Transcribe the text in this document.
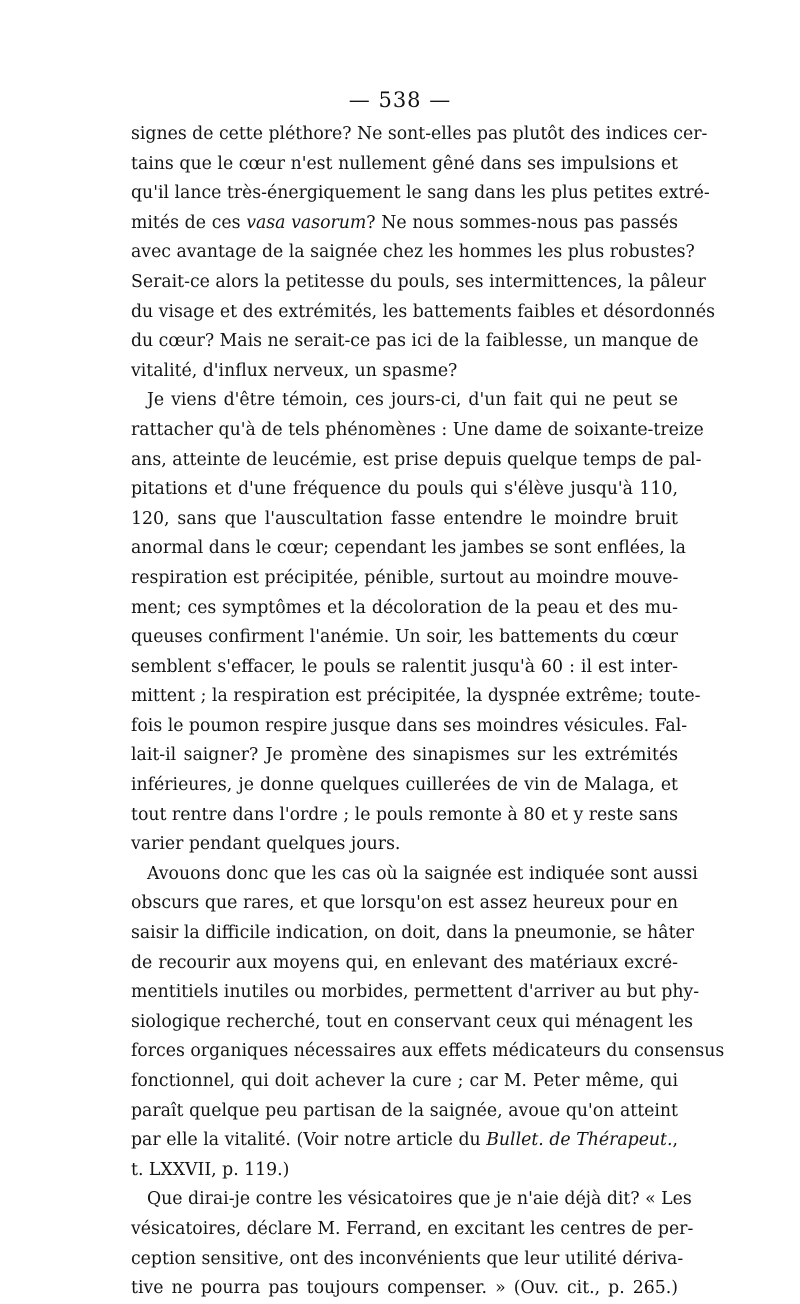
— 538 —
signes de cette pléthore? Ne sont-elles pas plutôt des indices cer-
tains que le cœur n'est nullement gêné dans ses impulsions et
qu'il lance très-énergiquement le sang dans les plus petites extré-
mités de ces vasa vasorum? Ne nous sommes-nous pas passés
avec avantage de la saignée chez les hommes les plus robustes?
Serait-ce alors la petitesse du pouls, ses intermittences, la pâleur
du visage et des extrémités, les battements faibles et désordonnés
du cœur? Mais ne serait-ce pas ici de la faiblesse, un manque de
vitalité, d'influx nerveux, un spasme?
Je viens d'être témoin, ces jours-ci, d'un fait qui ne peut se
rattacher qu'à de tels phénomènes : Une dame de soixante-treize
ans, atteinte de leucémie, est prise depuis quelque temps de pal-
pitations et d'une fréquence du pouls qui s'élève jusqu'à 110,
120, sans que l'auscultation fasse entendre le moindre bruit
anormal dans le cœur; cependant les jambes se sont enflées, la
respiration est précipitée, pénible, surtout au moindre mouve-
ment; ces symptômes et la décoloration de la peau et des mu-
queuses confirment l'anémie. Un soir, les battements du cœur
semblent s'effacer, le pouls se ralentit jusqu'à 60 : il est inter-
mittent ; la respiration est précipitée, la dyspnée extrême; toute-
fois le poumon respire jusque dans ses moindres vésicules. Fal-
lait-il saigner? Je promène des sinapismes sur les extrémités
inférieures, je donne quelques cuillerées de vin de Malaga, et
tout rentre dans l'ordre ; le pouls remonte à 80 et y reste sans
varier pendant quelques jours.
Avouons donc que les cas où la saignée est indiquée sont aussi
obscurs que rares, et que lorsqu'on est assez heureux pour en
saisir la difficile indication, on doit, dans la pneumonie, se hâter
de recourir aux moyens qui, en enlevant des matériaux excré-
mentitiels inutiles ou morbides, permettent d'arriver au but phy-
siologique recherché, tout en conservant ceux qui ménagent les
forces organiques nécessaires aux effets médicateurs du consensus
fonctionnel, qui doit achever la cure ; car M. Peter même, qui
paraît quelque peu partisan de la saignée, avoue qu'on atteint
par elle la vitalité. (Voir notre article du Bullet. de Thérapeut.,
t. LXXVII, p. 119.)
Que dirai-je contre les vésicatoires que je n'aie déjà dit? « Les
vésicatoires, déclare M. Ferrand, en excitant les centres de per-
ception sensitive, ont des inconvénients que leur utilité dériva-
tive ne pourra pas toujours compenser. » (Ouv. cit., p. 265.)
